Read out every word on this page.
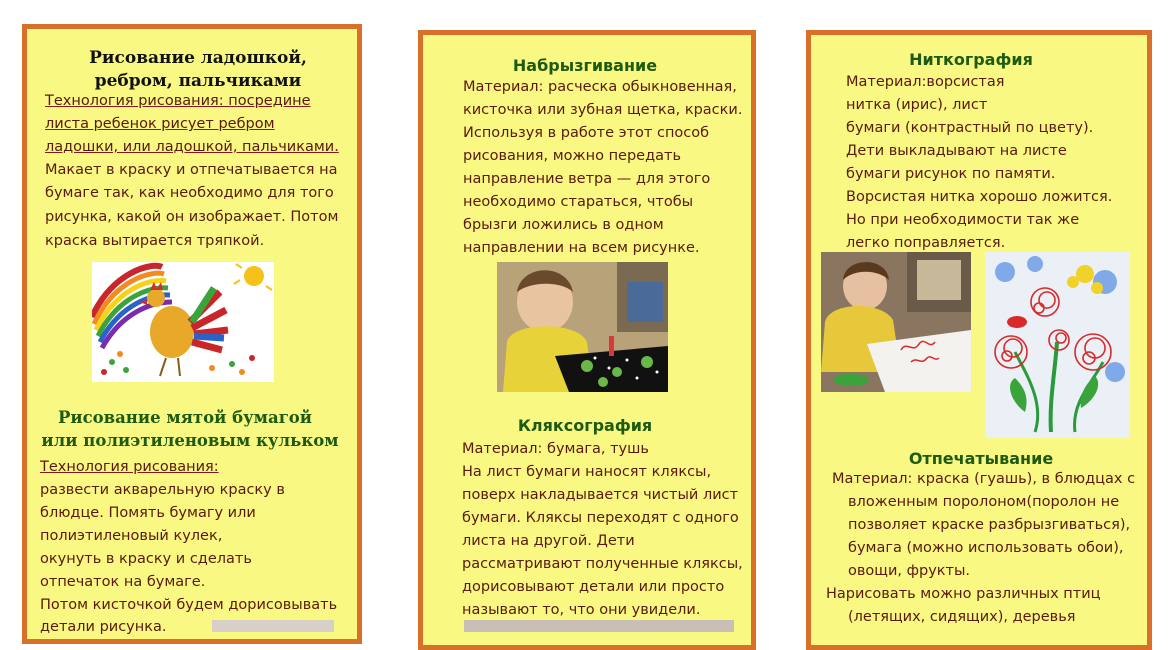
Рисование ладошкой,
ребром, пальчиками
Технология рисования: посредине
листа ребенок рисует ребром
ладошки, или ладошкой, пальчиками.
Макает в краску и отпечатывается на
бумаге так, как необходимо для того
рисунка, какой он изображает. Потом
краска вытирается тряпкой.
Рисование мятой бумагой
или полиэтиленовым кульком
Технология рисования:
развести акварельную краску в
блюдце. Помять бумагу или
полиэтиленовый кулек,
окунуть в краску и сделать
отпечаток на бумаге.
Потом кисточкой будем дорисовывать
детали рисунка.
Набрызгивание
Материал: расческа обыкновенная,
кисточка или зубная щетка, краски.
Используя в работе этот способ
рисования, можно передать
направление ветра — для этого
необходимо стараться, чтобы
брызги ложились в одном
направлении на всем рисунке.
Кляксография
Материал: бумага, тушь
На лист бумаги наносят кляксы,
поверх накладывается чистый лист
бумаги. Кляксы переходят с одного
листа на другой. Дети
рассматривают полученные кляксы,
дорисовывают детали или просто
называют то, что они увидели.
Ниткография
Материал:ворсистая
нитка (ирис), лист
бумаги (контрастный по цвету).
Дети выкладывают на листе
бумаги рисунок по памяти.
Ворсистая нитка хорошо ложится.
Но при необходимости так же
легко поправляется.
Отпечатывание
Материал: краска (гуашь), в блюдцах с
вложенным поролоном(поролон не
позволяет краске разбрызгиваться),
бумага (можно использовать обои),
овощи, фрукты.
Нарисовать можно различных птиц
(летящих, сидящих), деревья
